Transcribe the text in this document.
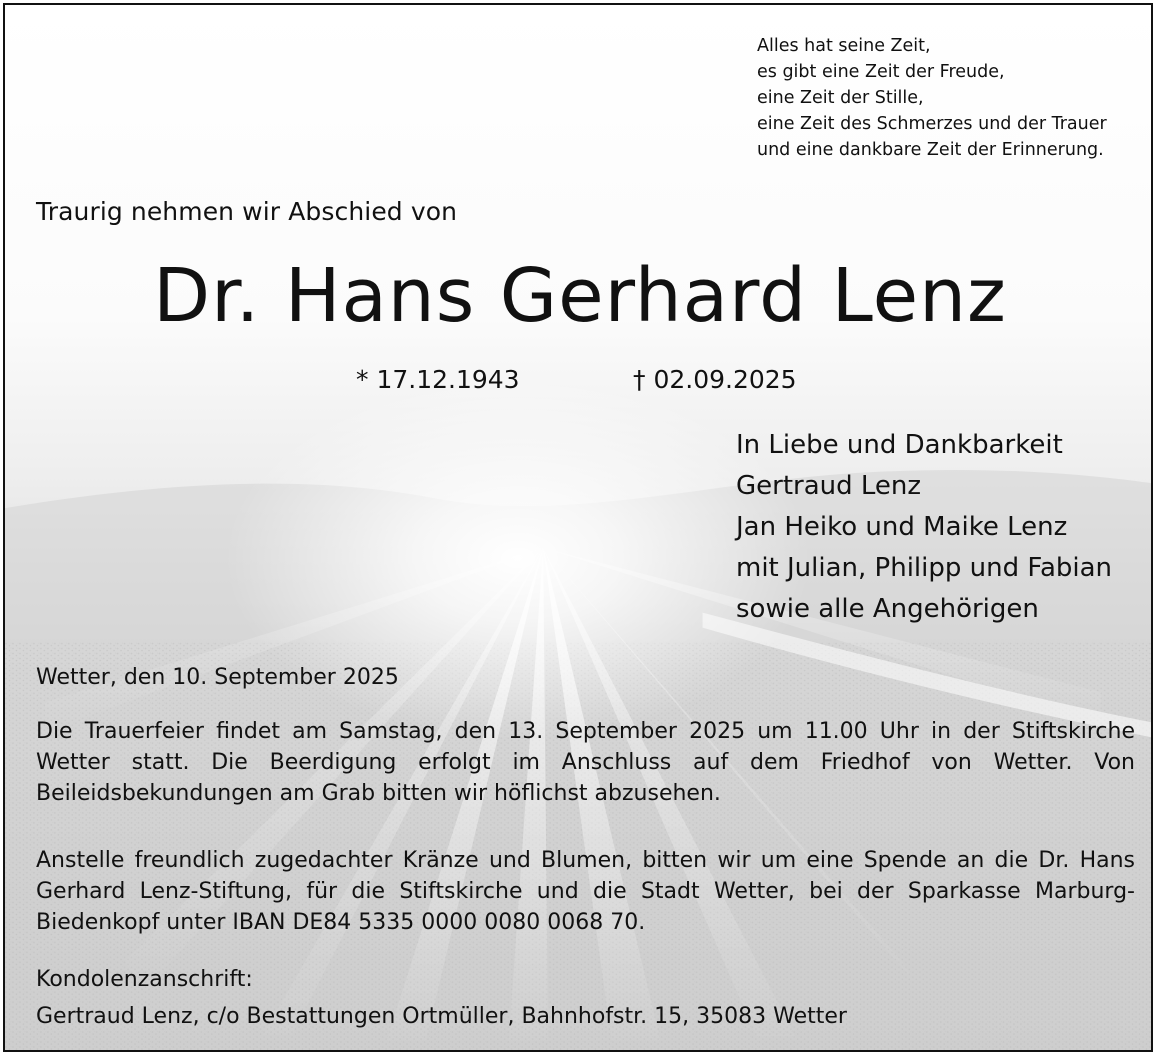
Alles hat seine Zeit,
es gibt eine Zeit der Freude,
eine Zeit der Stille,
eine Zeit des Schmerzes und der Trauer
und eine dankbare Zeit der Erinnerung.

Traurig nehmen wir Abschied von

Dr. Hans Gerhard Lenz

* 17.12.1943	† 02.09.2025

In Liebe und Dankbarkeit
Gertraud Lenz
Jan Heiko und Maike Lenz
mit Julian, Philipp und Fabian
sowie alle Angehörigen

Wetter, den 10. September 2025

Die Trauerfeier findet am Samstag, den 13. September 2025 um 11.00 Uhr in der Stiftskirche Wetter statt. Die Beerdigung erfolgt im Anschluss auf dem Friedhof von Wetter. Von Beileidsbekundungen am Grab bitten wir höflichst abzusehen.

Anstelle freundlich zugedachter Kränze und Blumen, bitten wir um eine Spende an die Dr. Hans Gerhard Lenz-Stiftung, für die Stiftskirche und die Stadt Wetter, bei der Sparkasse Marburg-Biedenkopf unter IBAN DE84 5335 0000 0080 0068 70.

Kondolenzanschrift:

Gertraud Lenz, c/o Bestattungen Ortmüller, Bahnhofstr. 15, 35083 Wetter
